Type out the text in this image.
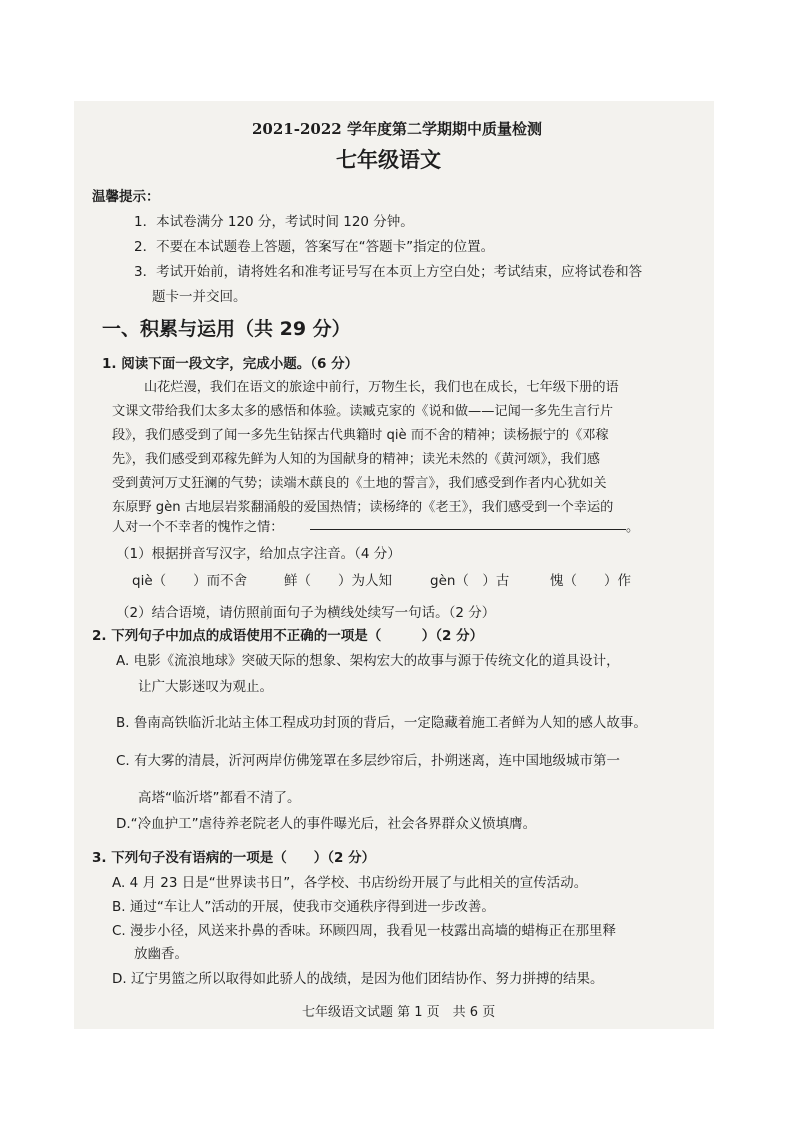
2021-2022 学年度第二学期期中质量检测
七年级语文
温馨提示：
1．本试卷满分 120 分，考试时间 120 分钟。
2．不要在本试题卷上答题，答案写在“答题卡”指定的位置。
3．考试开始前，请将姓名和准考证号写在本页上方空白处；考试结束，应将试卷和答
题卡一并交回。
一、积累与运用（共 29 分）
1. 阅读下面一段文字，完成小题。（6 分）
山花烂漫，我们在语文的旅途中前行，万物生长，我们也在成长，七年级下册的语
文课文带给我们太多太多的感悟和体验。读臧克家的《说和做——记闻一多先生言行片
段》，我们感受到了闻一多先生钻探古代典籍时 qiè 而不舍的精神；读杨振宁的《邓稼
先》，我们感受到邓稼先鲜为人知的为国献身的精神；读光未然的《黄河颂》，我们感
受到黄河万丈狂澜的气势；读端木蕻良的《土地的誓言》，我们感受到作者内心犹如关
东原野 gèn 古地层岩浆翻涌般的爱国热情；读杨绛的《老王》，我们感受到一个幸运的
人对一个不幸者的愧怍之情：	。
（1）根据拼音写汉字，给加点字注音。（4 分）
qiè（　　）而不舍	鲜（　　）为人知	gèn（　）古	愧（　　）作
（2）结合语境，请仿照前面句子为横线处续写一句话。（2 分）
2. 下列句子中加点的成语使用不正确的一项是（　　　）（2 分）
A. 电影《流浪地球》突破天际的想象、架构宏大的故事与源于传统文化的道具设计，
让广大影迷叹为观止。
B. 鲁南高铁临沂北站主体工程成功封顶的背后，一定隐藏着施工者鲜为人知的感人故事。
C. 有大雾的清晨，沂河两岸仿佛笼罩在多层纱帘后，扑朔迷离，连中国地级城市第一
高塔“临沂塔”都看不清了。
D.“冷血护工”虐待养老院老人的事件曝光后，社会各界群众义愤填膺。
3. 下列句子没有语病的一项是（　　）（2 分）
A. 4 月 23 日是“世界读书日”，各学校、书店纷纷开展了与此相关的宣传活动。
B. 通过“车让人”活动的开展，使我市交通秩序得到进一步改善。
C. 漫步小径，风送来扑鼻的香味。环顾四周，我看见一枝露出高墙的蜡梅正在那里释
放幽香。
D. 辽宁男篮之所以取得如此骄人的战绩，是因为他们团结协作、努力拼搏的结果。
七年级语文试题 第 1 页　共 6 页
